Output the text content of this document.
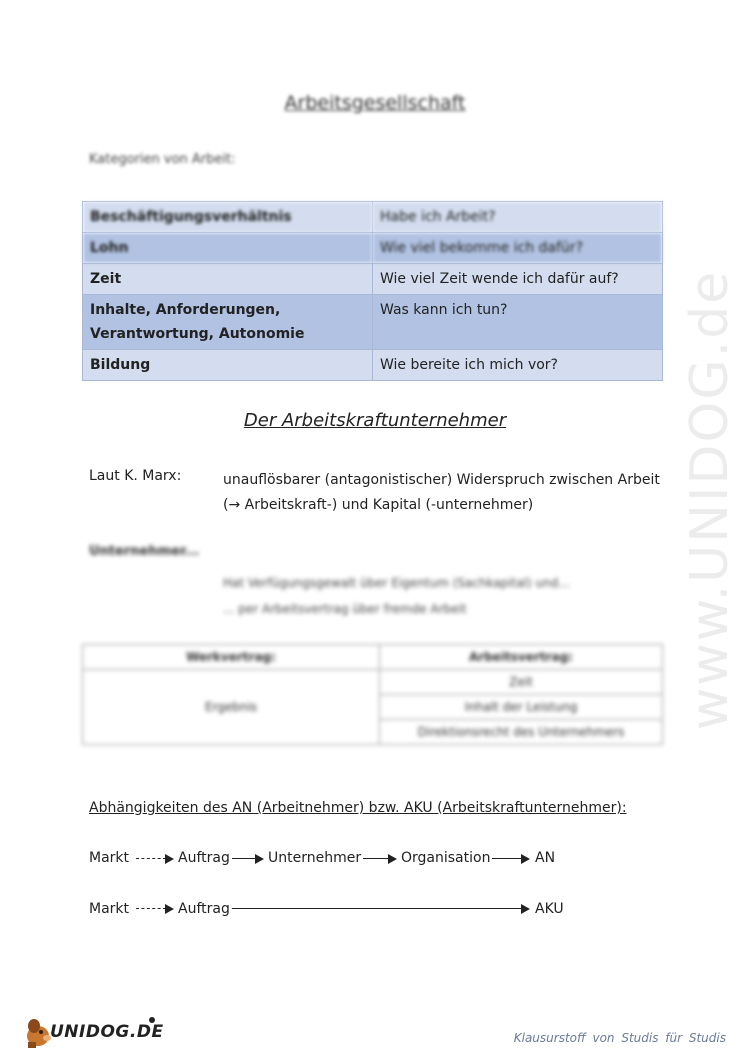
www.UNIDOG.de
Arbeitsgesellschaft
Kategorien von Arbeit:
Beschäftigungsverhältnis	Habe ich Arbeit?
Lohn	Wie viel bekomme ich dafür?
Zeit	Wie viel Zeit wende ich dafür auf?
Inhalte, Anforderungen, Verantwortung, Autonomie	Was kann ich tun?
Bildung	Wie bereite ich mich vor?
Der Arbeitskraftunternehmer
Laut K. Marx:	unauflösbarer (antagonistischer) Widerspruch zwischen Arbeit
(→ Arbeitskraft-) und Kapital (-unternehmer)
Unternehmer...
Hat Verfügungsgewalt über Eigentum (Sachkapital) und...
... per Arbeitsvertrag über fremde Arbeit
Werkvertrag:	Arbeitsvertrag:
Ergebnis	Zeit
	Inhalt der Leistung
	Direktionsrecht des Unternehmers
Abhängigkeiten des AN (Arbeitnehmer) bzw. AKU (Arbeitskraftunternehmer):
Markt	Auftrag	Unternehmer	Organisation	AN
Markt	Auftrag	AKU
UNIDOG.DE	Klausurstoff von Studis für Studis
